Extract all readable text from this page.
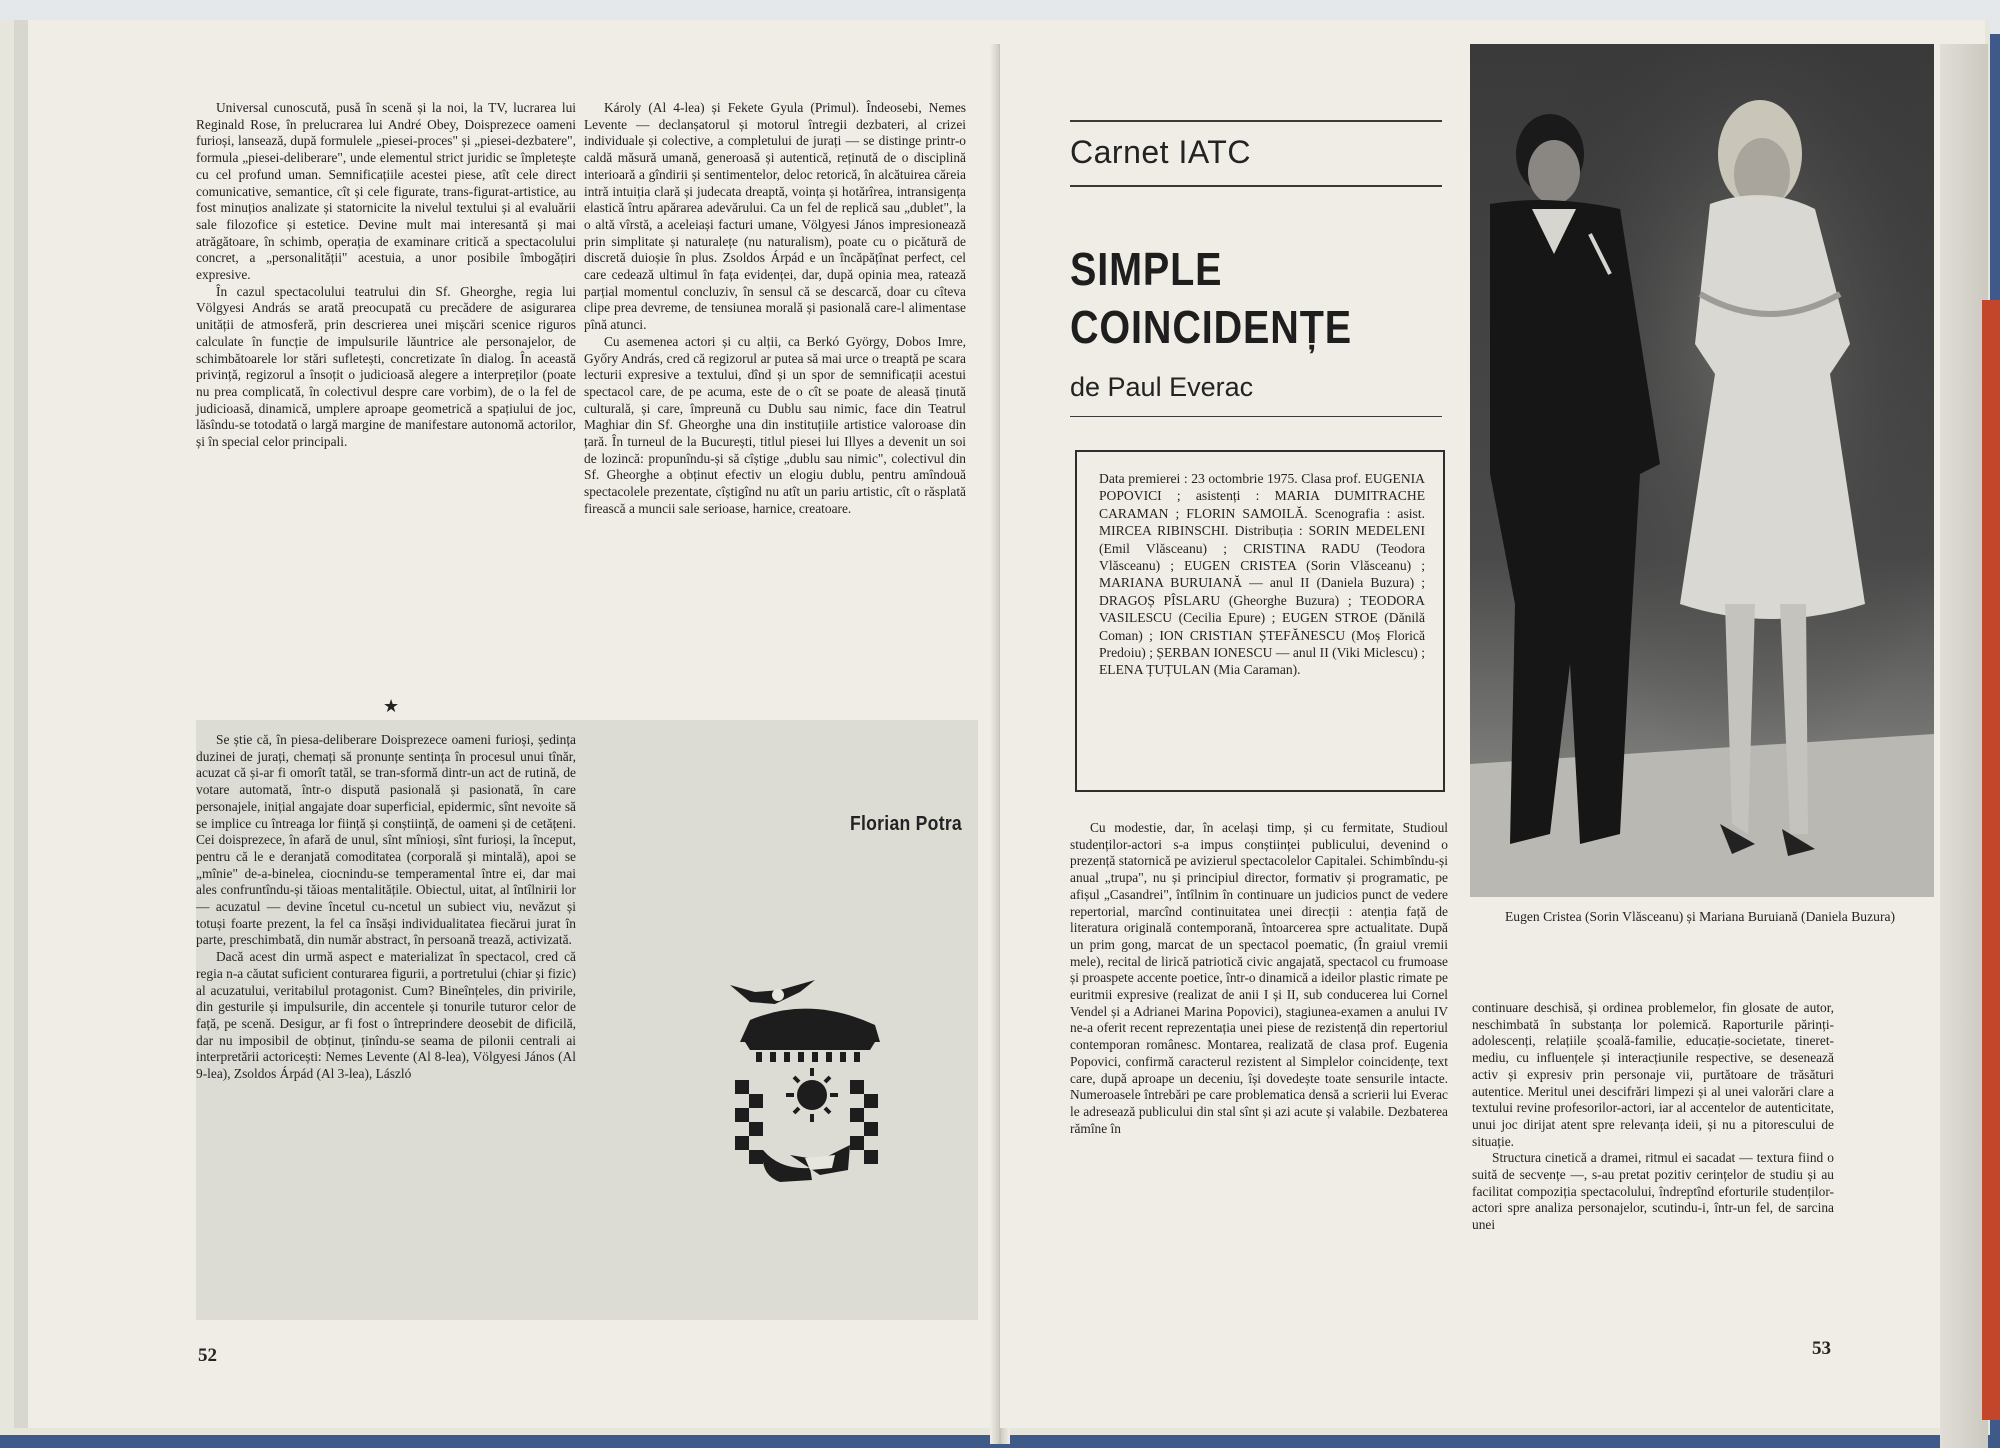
Universal cunoscută, pusă în scenă și la noi, la TV, lucrarea lui Reginald Rose, în prelucrarea lui André Obey, Doisprezece oameni furioși, lansează, după formulele „piesei-proces" și „piesei-dezbatere", formula „piesei-deliberare", unde elementul strict juridic se împletește cu cel profund uman. Semnificațiile acestei piese, atît cele direct comunicative, semantice, cît și cele figurate, trans-figurat-artistice, au fost minuțios analizate și statornicite la nivelul textului și al evaluării sale filozofice și estetice. Devine mult mai interesantă și mai atrăgătoare, în schimb, operația de examinare critică a spectacolului concret, a „personalității" acestuia, a unor posibile îmbogățiri expresive.

În cazul spectacolului teatrului din Sf. Gheorghe, regia lui Völgyesi András se arată preocupată cu precădere de asigurarea unității de atmosferă, prin descrierea unei mișcări scenice riguros calculate în funcție de impulsurile lăuntrice ale personajelor, de schimbătoarele lor stări sufletești, concretizate în dialog. În această privință, regizorul a însoțit o judicioasă alegere a interpreților (poate nu prea complicată, în colectivul despre care vorbim), de o la fel de judicioasă, dinamică, umplere aproape geometrică a spațiului de joc, lăsîndu-se totodată o largă margine de manifestare autonomă actorilor, și în special celor principali.

★

Se știe că, în piesa-deliberare Doisprezece oameni furioși, ședința duzinei de jurați, chemați să pronunțe sentința în procesul unui tînăr, acuzat că și-ar fi omorît tatăl, se tran-sformă dintr-un act de rutină, de votare automată, într-o dispută pasională și pasionată, în care personajele, inițial angajate doar superficial, epidermic, sînt nevoite să se implice cu întreaga lor ființă și conștiință, de oameni și de cetățeni. Cei doisprezece, în afară de unul, sînt mînioși, sînt furioși, la început, pentru că le e deranjată comoditatea (corporală și mintală), apoi se „mînie" de-a-binelea, ciocnindu-se temperamental între ei, dar mai ales confruntîndu-și tăioas mentalitățile. Obiectul, uitat, al întîlnirii lor — acuzatul — devine încetul cu-ncetul un subiect viu, nevăzut și totuși foarte prezent, la fel ca însăși individualitatea fiecărui jurat în parte, preschimbată, din număr abstract, în persoană trează, activizată.

Dacă acest din urmă aspect e materializat în spectacol, cred că regia n-a căutat suficient conturarea figurii, a portretului (chiar și fizic) al acuzatului, veritabilul protagonist. Cum? Bineînțeles, din privirile, din gesturile și impulsurile, din accentele și tonurile tuturor celor de față, pe scenă. Desigur, ar fi fost o întreprindere deosebit de dificilă, dar nu imposibil de obținut, ținîndu-se seama de pilonii centrali ai interpretării actoricești: Nemes Levente (Al 8-lea), Völgyesi János (Al 9-lea), Zsoldos Árpád (Al 3-lea), László

Károly (Al 4-lea) și Fekete Gyula (Primul). Îndeosebi, Nemes Levente — declanșatorul și motorul întregii dezbateri, al crizei individuale și colective, a completului de jurați — se distinge printr-o caldă măsură umană, generoasă și autentică, reținută de o disciplină interioară a gîndirii și sentimentelor, deloc retorică, în alcătuirea căreia intră intuiția clară și judecata dreaptă, voința și hotărîrea, intransigența elastică întru apărarea adevărului. Ca un fel de replică sau „dublet", la o altă vîrstă, a aceleiași facturi umane, Völgyesi János impresionează prin simplitate și naturalețe (nu naturalism), poate cu o picătură de discretă duioșie în plus. Zsoldos Árpád e un încăpățînat perfect, cel care cedează ultimul în fața evidenței, dar, după opinia mea, ratează parțial momentul concluziv, în sensul că se descarcă, doar cu cîteva clipe prea devreme, de tensiunea morală și pasională care-l alimentase pînă atunci.

Cu asemenea actori și cu alții, ca Berkó György, Dobos Imre, Győry András, cred că regizorul ar putea să mai urce o treaptă pe scara lecturii expresive a textului, dînd și un spor de semnificații acestui spectacol care, de pe acuma, este de o cît se poate de aleasă ținută culturală, și care, împreună cu Dublu sau nimic, face din Teatrul Maghiar din Sf. Gheorghe una din instituțiile artistice valoroase din țară. În turneul de la București, titlul piesei lui Illyes a devenit un soi de lozincă: propunîndu-și să cîștige „dublu sau nimic", colectivul din Sf. Gheorghe a obținut efectiv un elogiu dublu, pentru amîndouă spectacolele prezentate, cîștigînd nu atît un pariu artistic, cît o răsplată firească a muncii sale serioase, harnice, creatoare.

Florian Potra
52
Carnet IATC
SIMPLE
COINCIDENȚE
de Paul Everac
Data premierei : 23 octombrie 1975. Clasa prof. EUGENIA POPOVICI ; asistenți : MARIA DUMITRACHE CARAMAN ; FLORIN SAMOILĂ. Scenografia : asist. MIRCEA RIBINSCHI. Distribuția : SORIN MEDELENI (Emil Vlăsceanu) ; CRISTINA RADU (Teodora Vlăsceanu) ; EUGEN CRISTEA (Sorin Vlăsceanu) ; MARIANA BURUIANĂ — anul II (Daniela Buzura) ; DRAGOȘ PÎSLARU (Gheorghe Buzura) ; TEODORA VASILESCU (Cecilia Epure) ; EUGEN STROE (Dănilă Coman) ; ION CRISTIAN ȘTEFĂNESCU (Moș Florică Predoiu) ; ȘERBAN IONESCU — anul II (Viki Miclescu) ; ELENA ȚUȚULAN (Mia Caraman).

Cu modestie, dar, în același timp, și cu fermitate, Studioul studenților-actori s-a impus conștiinței publicului, devenind o prezență statornică pe avizierul spectacolelor Capitalei. Schimbîndu-și anual „trupa", nu și principiul director, formativ și programatic, pe afișul „Casandrei", întîlnim în continuare un judicios punct de vedere repertorial, marcînd continuitatea unei direcții : atenția față de literatura originală contemporană, întoarcerea spre actualitate. După un prim gong, marcat de un spectacol poematic, (În graiul vremii mele), recital de lirică patriotică civic angajată, spectacol cu frumoase și proaspete accente poetice, într-o dinamică a ideilor plastic rimate pe euritmii expresive (realizat de anii I și II, sub conducerea lui Cornel Vendel și a Adrianei Marina Popovici), stagiunea-examen a anului IV ne-a oferit recent reprezentația unei piese de rezistență din repertoriul contemporan românesc. Montarea, realizată de clasa prof. Eugenia Popovici, confirmă caracterul rezistent al Simplelor coincidențe, text care, după aproape un deceniu, își dovedește toate sensurile intacte. Numeroasele întrebări pe care problematica densă a scrierii lui Everac le adresează publicului din stal sînt și azi acute și valabile. Dezbaterea rămîne în

Eugen Cristea (Sorin Vlăsceanu) și Mariana Buruiană (Daniela Buzura)

continuare deschisă, și ordinea problemelor, fin glosate de autor, neschimbată în substanța lor polemică. Raporturile părinți-adolescenți, relațiile școală-familie, educație-societate, tineret-mediu, cu influențele și interacțiunile respective, se desenează activ și expresiv prin personaje vii, purtătoare de trăsături autentice. Meritul unei descifrări limpezi și al unei valorări clare a textului revine profesorilor-actori, iar al accentelor de autenticitate, unui joc dirijat atent spre relevanța ideii, și nu a pitorescului de situație.

Structura cinetică a dramei, ritmul ei sacadat — textura fiind o suită de secvențe —, s-au pretat pozitiv cerințelor de studiu și au facilitat compoziția spectacolului, îndreptînd eforturile studenților-actori spre analiza personajelor, scutindu-i, într-un fel, de sarcina unei

53
